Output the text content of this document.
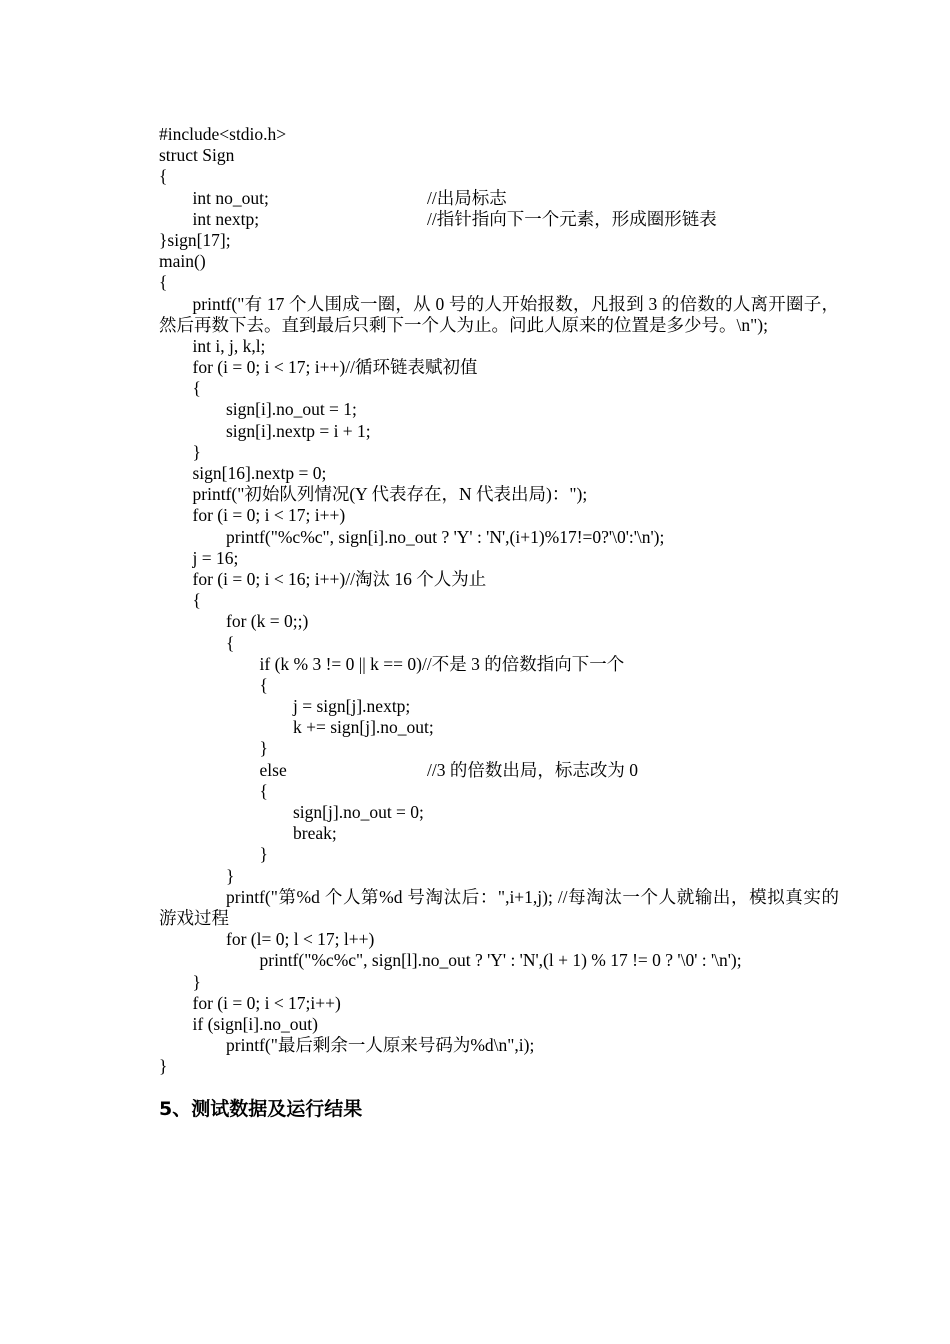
#include<stdio.h>
struct Sign
{
int no_out;	//出局标志
int nextp;	//指针指向下一个元素，形成圈形链表
}sign[17];
main()
{
printf("有 17 个人围成一圈，从 0 号的人开始报数，凡报到 3 的倍数的人离开圈子，然后再数下去。直到最后只剩下一个人为止。问此人原来的位置是多少号。\n");
int i, j, k,l;
for (i = 0; i < 17; i++)//循环链表赋初值
{
sign[i].no_out = 1;
sign[i].nextp = i + 1;
}
sign[16].nextp = 0;
printf("初始队列情况(Y 代表存在，N 代表出局)：");
for (i = 0; i < 17; i++)
printf("%c%c", sign[i].no_out ? 'Y' : 'N',(i+1)%17!=0?'\0':'\n');
j = 16;
for (i = 0; i < 16; i++)//淘汰 16 个人为止
{
for (k = 0;;)
{
if (k % 3 != 0 || k == 0)//不是 3 的倍数指向下一个
{
j = sign[j].nextp;
k += sign[j].no_out;
}
else	//3 的倍数出局，标志改为 0
{
sign[j].no_out = 0;
break;
}
}
printf("第%d 个人第%d 号淘汰后：",i+1,j); //每淘汰一个人就输出，模拟真实的游戏过程
for (l= 0; l < 17; l++)
printf("%c%c", sign[l].no_out ? 'Y' : 'N',(l + 1) % 17 != 0 ? '\0' : '\n');
}
for (i = 0; i < 17;i++)
if (sign[i].no_out)
printf("最后剩余一人原来号码为%d\n",i);
}
5、测试数据及运行结果
